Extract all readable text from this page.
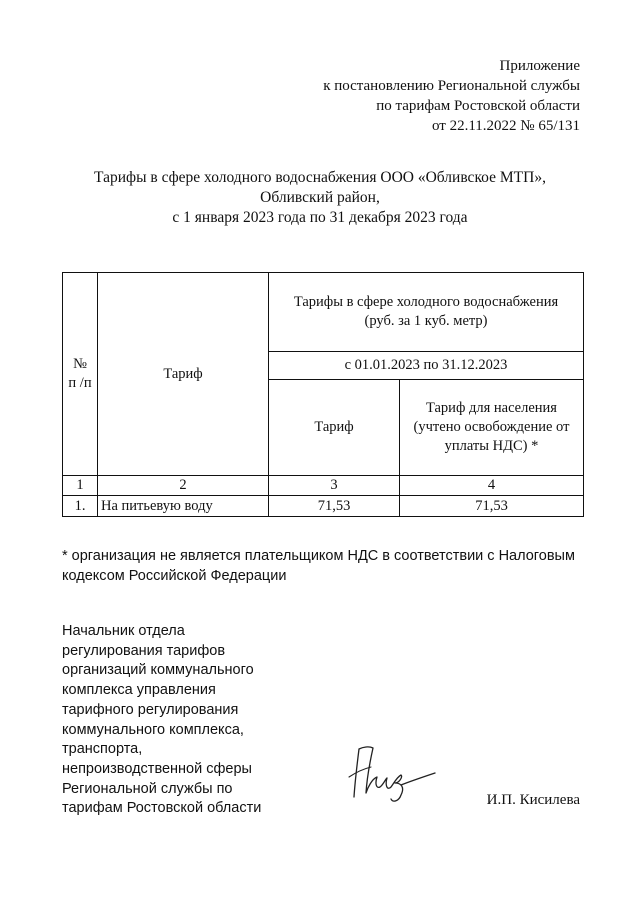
Приложение
к постановлению Региональной службы
по тарифам Ростовской области
от 22.11.2022 № 65/131
Тарифы в сфере холодного водоснабжения ООО «Обливское МТП»,
Обливский район,
с 1 января 2023 года по 31 декабря 2023 года
№
п /п	Тариф	Тарифы в сфере холодного водоснабжения
(руб. за 1 куб. метр)	
		с 01.01.2023 по 31.12.2023	
		Тариф	Тариф для населения
(учтено освобождение от
уплаты НДС) *
1	2	3	4
1.	На питьевую воду	71,53	71,53
* организация не является плательщиком НДС в соответствии с Налоговым кодексом Российской Федерации
Начальник отдела
регулирования тарифов
организаций коммунального
комплекса управления
тарифного регулирования
коммунального комплекса,
транспорта,
непроизводственной сферы
Региональной службы по
тарифам Ростовской области
И.П. Кисилева
